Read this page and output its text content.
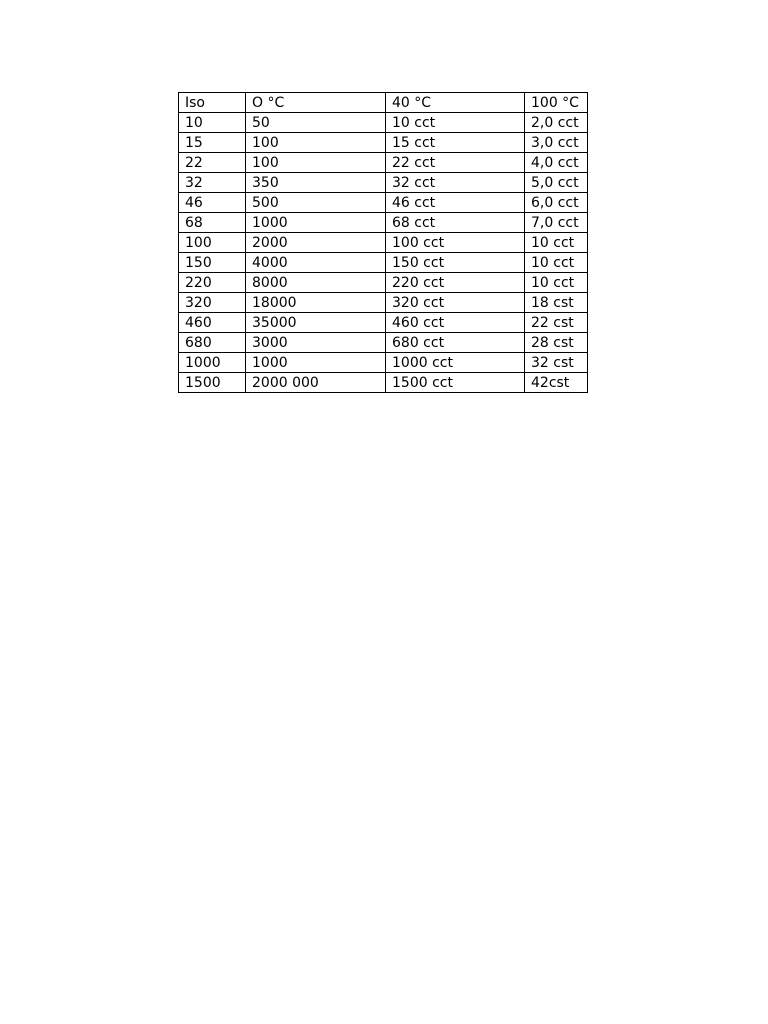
Iso	O °C	40 °C	100 °C
10	50	10 cct	2,0 cct
15	100	15 cct	3,0 cct
22	100	22 cct	4,0 cct
32	350	32 cct	5,0 cct
46	500	46 cct	6,0 cct
68	1000	68 cct	7,0 cct
100	2000	100 cct	10 cct
150	4000	150 cct	10 cct
220	8000	220 cct	10 cct
320	18000	320 cct	18 cst
460	35000	460 cct	22 cst
680	3000	680 cct	28 cst
1000	1000	1000 cct	32 cst
1500	2000 000	1500 cct	42cst
